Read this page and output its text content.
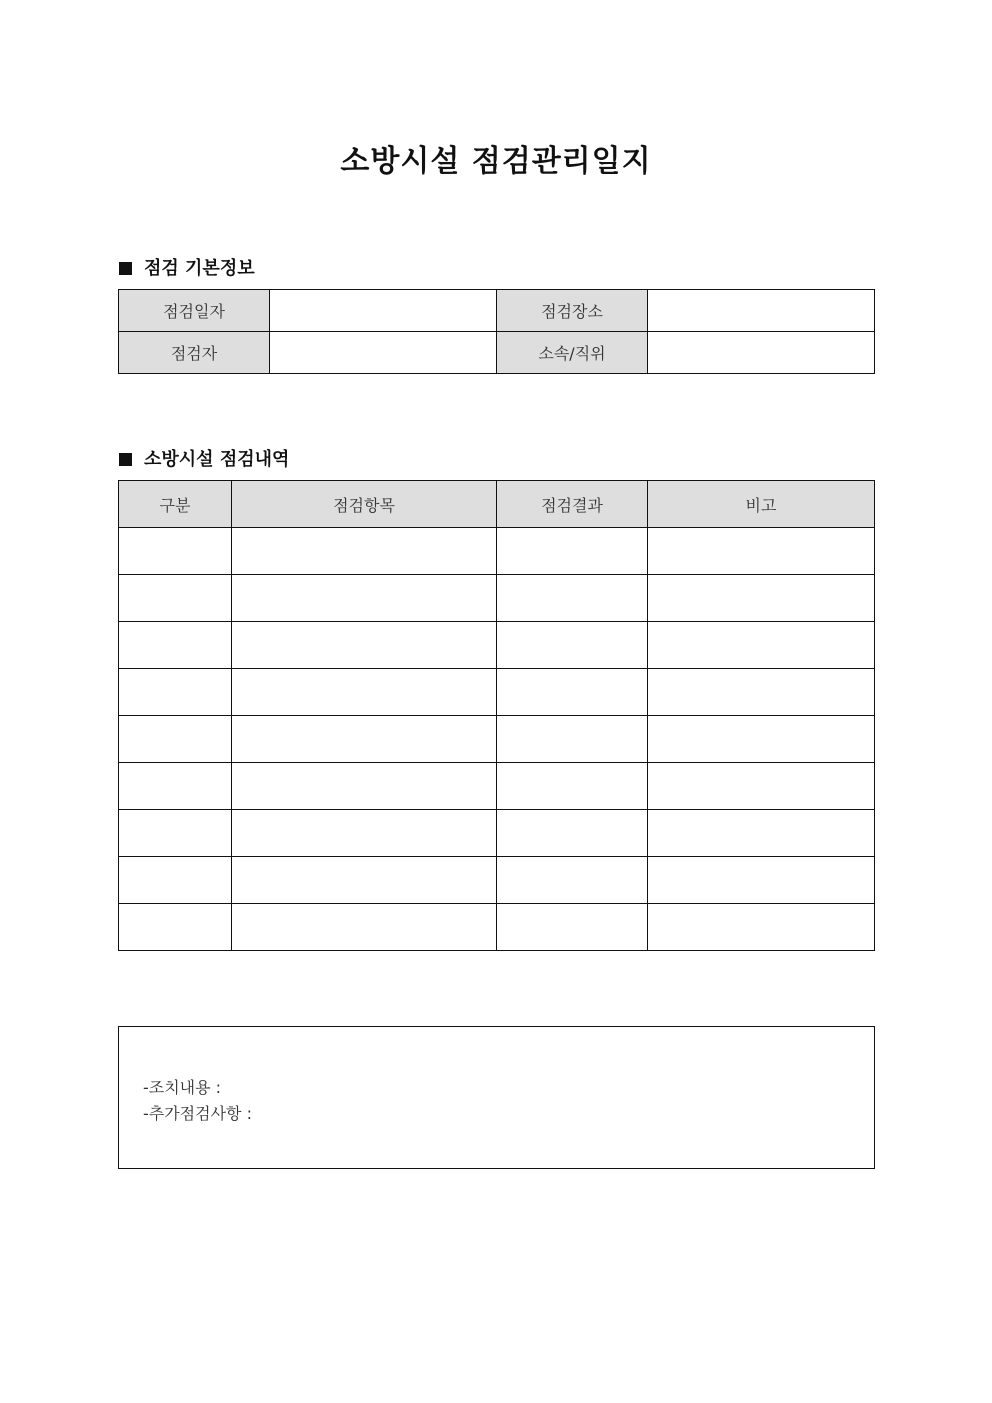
소방시설 점검관리일지
점검 기본정보
점검일자		점검장소	
점검자		소속/직위	
소방시설 점검내역
구분	점검항목	점검결과	비고

-조치내용 :
-추가점검사항 :
